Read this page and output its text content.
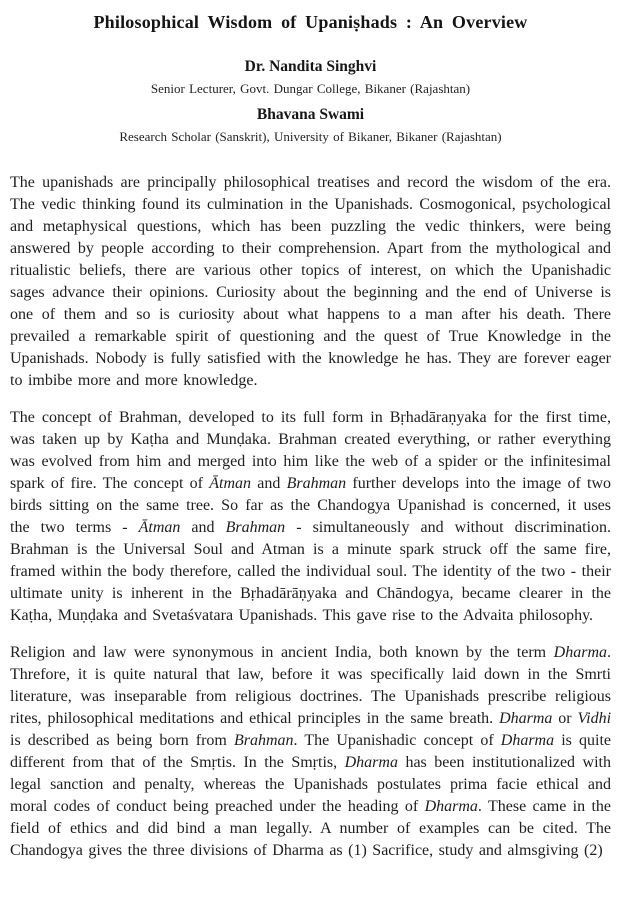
Philosophical Wisdom of Upaniṣhads : An Overview
Dr. Nandita Singhvi
Senior Lecturer, Govt. Dungar College, Bikaner (Rajashtan)
Bhavana Swami
Research Scholar (Sanskrit), University of Bikaner, Bikaner (Rajashtan)

The upanishads are principally philosophical treatises and record the wisdom of the era. The vedic thinking found its culmination in the Upanishads. Cosmogonical, psychological and metaphysical questions, which has been puzzling the vedic thinkers, were being answered by people according to their comprehension. Apart from the mythological and ritualistic beliefs, there are various other topics of interest, on which the Upanishadic sages advance their opinions. Curiosity about the beginning and the end of Universe is one of them and so is curiosity about what happens to a man after his death. There prevailed a remarkable spirit of questioning and the quest of True Knowledge in the Upanishads. Nobody is fully satisfied with the knowledge he has. They are forever eager to imbibe more and more knowledge.

The concept of Brahman, developed to its full form in Bṛhadāraṇyaka for the first time, was taken up by Kaṭha and Munḍaka. Brahman created everything, or rather everything was evolved from him and merged into him like the web of a spider or the infinitesimal spark of fire. The concept of Ātman and Brahman further develops into the image of two birds sitting on the same tree. So far as the Chandogya Upanishad is concerned, it uses the two terms - Ātman and Brahman - simultaneously and without discrimination. Brahman is the Universal Soul and Atman is a minute spark struck off the same fire, framed within the body therefore, called the individual soul. The identity of the two - their ultimate unity is inherent in the Bṛhadārāṇyaka and Chāndogya, became clearer in the Kaṭha, Muṇḍaka and Svetaśvatara Upanishads. This gave rise to the Advaita philosophy.

Religion and law were synonymous in ancient India, both known by the term Dharma. Threfore, it is quite natural that law, before it was specifically laid down in the Smrti literature, was inseparable from religious doctrines. The Upanishads prescribe religious rites, philosophical meditations and ethical principles in the same breath. Dharma or Vidhi is described as being born from Brahman. The Upanishadic concept of Dharma is quite different from that of the Smṛtis. In the Smṛtis, Dharma has been institutionalized with legal sanction and penalty, whereas the Upanishads postulates prima facie ethical and moral codes of conduct being preached under the heading of Dharma. These came in the field of ethics and did bind a man legally. A number of examples can be cited. The Chandogya gives the three divisions of Dharma as (1) Sacrifice, study and almsgiving (2)
